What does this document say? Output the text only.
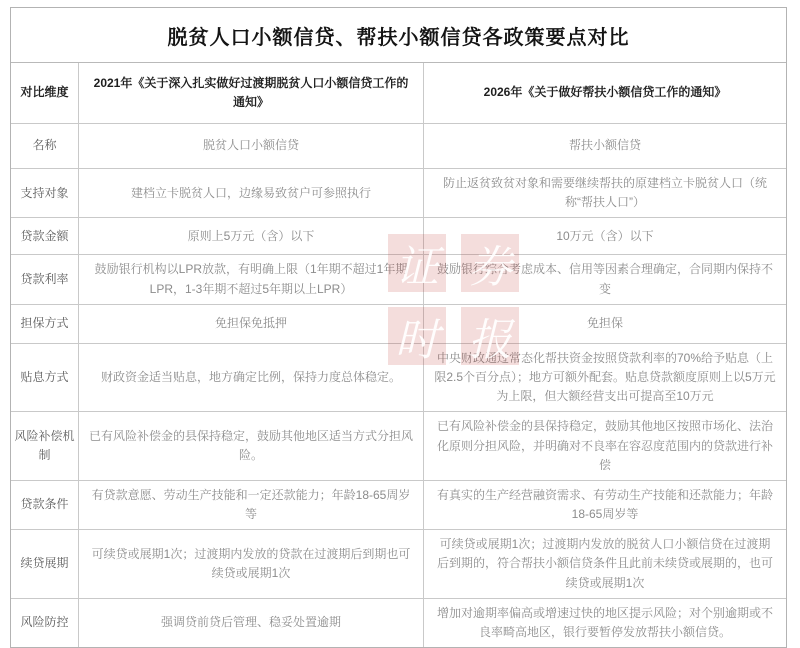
脱贫人口小额信贷、帮扶小额信贷各政策要点对比
对比维度
2021年《关于深入扎实做好过渡期脱贫人口小额信贷工作的通知》
2026年《关于做好帮扶小额信贷工作的通知》
名称	脱贫人口小额信贷	帮扶小额信贷
支持对象	建档立卡脱贫人口，边缘易致贫户可参照执行
防止返贫致贫对象和需要继续帮扶的原建档立卡脱贫人口（统称“帮扶人口”）
贷款金额	原则上5万元（含）以下	10万元（含）以下
贷款利率
鼓励银行机构以LPR放款，有明确上限（1年期不超过1年期LPR，1-3年期不超过5年期以上LPR）
鼓励银行综合考虑成本、信用等因素合理确定，合同期内保持不变
担保方式	免担保免抵押	免担保
贴息方式	财政资金适当贴息，地方确定比例，保持力度总体稳定。
中央财政通过常态化帮扶资金按照贷款利率的70%给予贴息（上限2.5个百分点）；地方可额外配套。贴息贷款额度原则上以5万元为上限，但大额经营支出可提高至10万元
风险补偿机制
已有风险补偿金的县保持稳定，鼓励其他地区适当方式分担风险。
已有风险补偿金的县保持稳定，鼓励其他地区按照市场化、法治化原则分担风险，并明确对不良率在容忍度范围内的贷款进行补偿
贷款条件
有贷款意愿、劳动生产技能和一定还款能力；年龄18-65周岁等
有真实的生产经营融资需求、有劳动生产技能和还款能力；年龄18-65周岁等
续贷展期
可续贷或展期1次；过渡期内发放的贷款在过渡期后到期也可续贷或展期1次
可续贷或展期1次；过渡期内发放的脱贫人口小额信贷在过渡期后到期的，符合帮扶小额信贷条件且此前未续贷或展期的，也可续贷或展期1次
风险防控	强调贷前贷后管理、稳妥处置逾期
增加对逾期率偏高或增速过快的地区提示风险；对个别逾期或不良率畸高地区，银行要暂停发放帮扶小额信贷。
证 券
时 报
